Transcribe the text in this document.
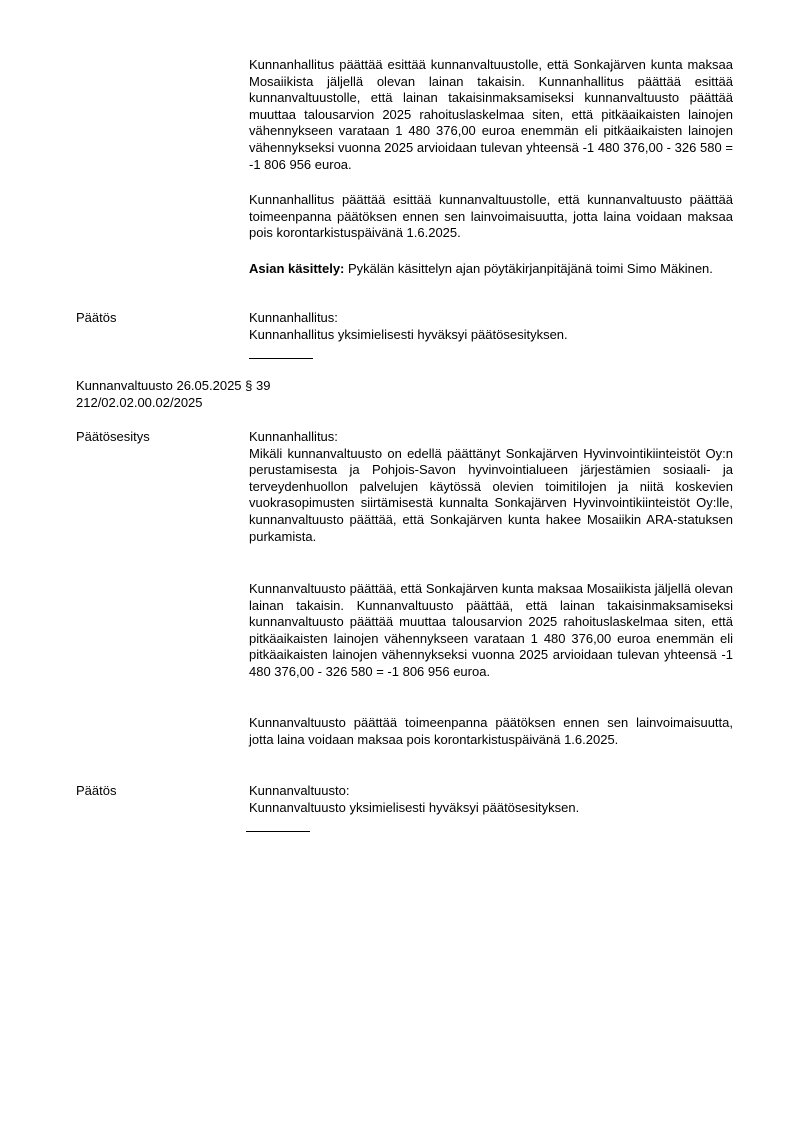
Kunnanhallitus päättää esittää kunnanvaltuustolle, että Sonkajärven kunta maksaa Mosaiikista jäljellä olevan lainan takaisin. Kunnanhallitus päättää esittää kunnanvaltuustolle, että lainan takaisinmaksamiseksi kunnanvaltuusto päättää muuttaa talousarvion 2025 rahoituslaskelmaa siten, että pitkäaikaisten lainojen vähennykseen varataan 1 480 376,00 euroa enemmän eli pitkäaikaisten lainojen vähennykseksi vuonna 2025 arvioidaan tulevan yhteensä -1 480 376,00 - 326 580 = -1 806 956 euroa.

Kunnanhallitus päättää esittää kunnanvaltuustolle, että kunnanvaltuusto päättää toimeenpanna päätöksen ennen sen lainvoimaisuutta, jotta laina voidaan maksaa pois korontarkistuspäivänä 1.6.2025.

Asian käsittely: Pykälän käsittelyn ajan pöytäkirjanpitäjänä toimi Simo Mäkinen.

Päätös	Kunnanhallitus:

Kunnanhallitus yksimielisesti hyväksyi päätösesityksen.

Kunnanvaltuusto 26.05.2025 § 39
212/02.02.00.02/2025
Päätösesitys	Kunnanhallitus:

Mikäli kunnanvaltuusto on edellä päättänyt Sonkajärven Hyvinvointikiinteistöt Oy:n perustamisesta ja Pohjois-Savon hyvinvointialueen järjestämien sosiaali- ja terveydenhuollon palvelujen käytössä olevien toimitilojen ja niitä koskevien vuokrasopimusten siirtämisestä kunnalta Sonkajärven Hyvinvointikiinteistöt Oy:lle, kunnanvaltuusto päättää, että Sonkajärven kunta hakee Mosaiikin ARA-statuksen purkamista.

Kunnanvaltuusto päättää, että Sonkajärven kunta maksaa Mosaiikista jäljellä olevan lainan takaisin. Kunnanvaltuusto päättää, että lainan takaisinmaksamiseksi kunnanvaltuusto päättää muuttaa talousarvion 2025 rahoituslaskelmaa siten, että pitkäaikaisten lainojen vähennykseen varataan 1 480 376,00 euroa enemmän eli pitkäaikaisten lainojen vähennykseksi vuonna 2025 arvioidaan tulevan yhteensä -1 480 376,00 - 326 580 = -1 806 956 euroa.

Kunnanvaltuusto päättää toimeenpanna päätöksen ennen sen lainvoimaisuutta, jotta laina voidaan maksaa pois korontarkistuspäivänä 1.6.2025.

Päätös	Kunnanvaltuusto:

Kunnanvaltuusto yksimielisesti hyväksyi päätösesityksen.
